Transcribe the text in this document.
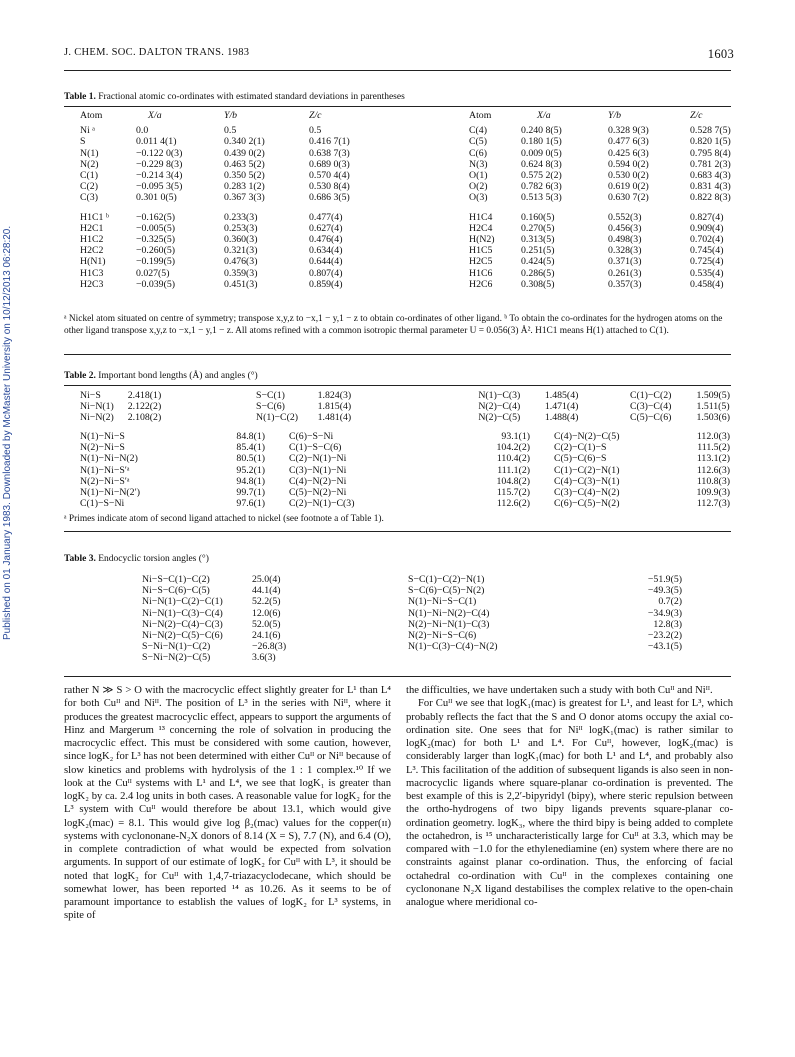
J. CHEM. SOC. DALTON TRANS. 1983	1603
Published on 01 January 1983. Downloaded by McMaster University on 10/12/2013 06:28:20.
Table 1. Fractional atomic co-ordinates with estimated standard deviations in parentheses
Atom	X/a	Y/b	Z/c	Atom	X/a	Y/b	Z/c
Ni ᵃ	0.0	0.5	0.5	C(4)	0.240 8(5)	0.328 9(3)	0.528 7(5)
S	0.011 4(1)	0.340 2(1)	0.416 7(1)	C(5)	0.180 1(5)	0.477 6(3)	0.820 1(5)
N(1)	−0.122 0(3)	0.439 0(2)	0.638 7(3)	C(6)	0.009 0(5)	0.425 6(3)	0.795 8(4)
N(2)	−0.229 8(3)	0.463 5(2)	0.689 0(3)	N(3)	0.624 8(3)	0.594 0(2)	0.781 2(3)
C(1)	−0.214 3(4)	0.350 5(2)	0.570 4(4)	O(1)	0.575 2(2)	0.530 0(2)	0.683 4(3)
C(2)	−0.095 3(5)	0.283 1(2)	0.530 8(4)	O(2)	0.782 6(3)	0.619 0(2)	0.831 4(3)
C(3)	0.301 0(5)	0.367 3(3)	0.686 3(5)	O(3)	0.513 5(3)	0.630 7(2)	0.822 8(3)

H1C1 ᵇ	−0.162(5)	0.233(3)	0.477(4)	H1C4	0.160(5)	0.552(3)	0.827(4)
H2C1	−0.005(5)	0.253(3)	0.627(4)	H2C4	0.270(5)	0.456(3)	0.909(4)
H1C2	−0.325(5)	0.360(3)	0.476(4)	H(N2)	0.313(5)	0.498(3)	0.702(4)
H2C2	−0.260(5)	0.321(3)	0.634(4)	H1C5	0.251(5)	0.328(3)	0.745(4)
H(N1)	−0.199(5)	0.476(3)	0.644(4)	H2C5	0.424(5)	0.371(3)	0.725(4)
H1C3	0.027(5)	0.359(3)	0.807(4)	H1C6	0.286(5)	0.261(3)	0.535(4)
H2C3	−0.039(5)	0.451(3)	0.859(4)	H2C6	0.308(5)	0.357(3)	0.458(4)
ᵃ Nickel atom situated on centre of symmetry; transpose x,y,z to −x,1 − y,1 − z to obtain co-ordinates of other ligand. ᵇ To obtain the co-ordinates for the hydrogen atoms on the other ligand transpose x,y,z to −x,1 − y,1 − z. All atoms refined with a common isotropic thermal parameter U = 0.056(3) Å². H1C1 means H(1) attached to C(1).
Table 2. Important bond lengths (Å) and angles (°)
Ni−S	2.418(1)	S−C(1)	1.824(3)	N(1)−C(3)	1.485(4)	C(1)−C(2)	1.509(5)
Ni−N(1)	2.122(2)	S−C(6)	1.815(4)	N(2)−C(4)	1.471(4)	C(3)−C(4)	1.511(5)
Ni−N(2)	2.108(2)	N(1)−C(2)	1.481(4)	N(2)−C(5)	1.488(4)	C(5)−C(6)	1.503(6)
N(1)−Ni−S	84.8(1)	C(6)−S−Ni	93.1(1)	C(4)−N(2)−C(5)	112.0(3)
N(2)−Ni−S	85.4(1)	C(1)−S−C(6)	104.2(2)	C(2)−C(1)−S	111.5(2)
N(1)−Ni−N(2)	80.5(1)	C(2)−N(1)−Ni	110.4(2)	C(5)−C(6)−S	113.1(2)
N(1)−Ni−S′ᵃ	95.2(1)	C(3)−N(1)−Ni	111.1(2)	C(1)−C(2)−N(1)	112.6(3)
N(2)−Ni−S′ᵃ	94.8(1)	C(4)−N(2)−Ni	104.8(2)	C(4)−C(3)−N(1)	110.8(3)
N(1)−Ni−N(2′)	99.7(1)	C(5)−N(2)−Ni	115.7(2)	C(3)−C(4)−N(2)	109.9(3)
C(1)−S−Ni	97.6(1)	C(2)−N(1)−C(3)	112.6(2)	C(6)−C(5)−N(2)	112.7(3)
ᵃ Primes indicate atom of second ligand attached to nickel (see footnote a of Table 1).
Table 3. Endocyclic torsion angles (°)
Ni−S−C(1)−C(2)	25.0(4)	S−C(1)−C(2)−N(1)	−51.9(5)
Ni−S−C(6)−C(5)	44.1(4)	S−C(6)−C(5)−N(2)	−49.3(5)
Ni−N(1)−C(2)−C(1)	52.2(5)	N(1)−Ni−S−C(1)	0.7(2)
Ni−N(1)−C(3)−C(4)	12.0(6)	N(1)−Ni−N(2)−C(4)	−34.9(3)
Ni−N(2)−C(4)−C(3)	52.0(5)	N(2)−Ni−N(1)−C(3)	12.8(3)
Ni−N(2)−C(5)−C(6)	24.1(6)	N(2)−Ni−S−C(6)	−23.2(2)
S−Ni−N(1)−C(2)	−26.8(3)	N(1)−C(3)−C(4)−N(2)	−43.1(5)
S−Ni−N(2)−C(5)	3.6(3)		

rather N ≫ S > O with the macrocyclic effect slightly greater for L¹ than L⁴ for both Cuᴵᴵ and Niᴵᴵ. The position of L³ in the series with Niᴵᴵ, where it produces the greatest macrocyclic effect, appears to support the arguments of Hinz and Margerum ¹³ concerning the role of solvation in producing the macrocyclic effect. This must be considered with some caution, however, since logK₂ for L³ has not been determined with either Cuᴵᴵ or Niᴵᴵ because of slow kinetics and problems with hydrolysis of the 1 : 1 complex.¹⁰ If we look at the Cuᴵᴵ systems with L¹ and L⁴, we see that logK₁ is greater than logK₂ by ca. 2.4 log units in both cases. A reasonable value for logK₂ for the L³ system with Cuᴵᴵ would therefore be about 13.1, which would give logK₂(mac) = 8.1. This would give log β₂(mac) values for the copper(ɪɪ) systems with cyclononane-N₂X donors of 8.14 (X = S), 7.7 (N), and 6.4 (O), in complete contradiction of what would be expected from solvation arguments. In support of our estimate of logK₂ for Cuᴵᴵ with L³, it should be noted that logK₂ for Cuᴵᴵ with 1,4,7-triazacyclodecane, which should be somewhat lower, has been reported ¹⁴ as 10.26. As it seems to be of paramount importance to establish the values of logK₂ for L³ systems, in spite of

the difficulties, we have undertaken such a study with both Cuᴵᴵ and Niᴵᴵ.

For Cuᴵᴵ we see that logK₁(mac) is greatest for L¹, and least for L³, which probably reflects the fact that the S and O donor atoms occupy the axial co-ordination site. One sees that for Niᴵᴵ logK₁(mac) is rather similar to logK₂(mac) for both L¹ and L⁴. For Cuᴵᴵ, however, logK₂(mac) is considerably larger than logK₁(mac) for both L¹ and L⁴, and probably also L³. This facilitation of the addition of subsequent ligands is also seen in non-macrocyclic ligands where square-planar co-ordination is prevented. The best example of this is 2,2′-bipyridyl (bipy), where steric repulsion between the ortho-hydrogens of two bipy ligands prevents square-planar co-ordination geometry. logK₃, where the third bipy is being added to complete the octahedron, is ¹⁵ uncharacteristically large for Cuᴵᴵ at 3.3, which may be compared with −1.0 for the ethylenediamine (en) system where there are no constraints against planar co-ordination. Thus, the enforcing of facial octahedral co-ordination with Cuᴵᴵ in the complexes containing one cyclononane N₂X ligand destabilises the complex relative to the open-chain analogue where meridional co-
